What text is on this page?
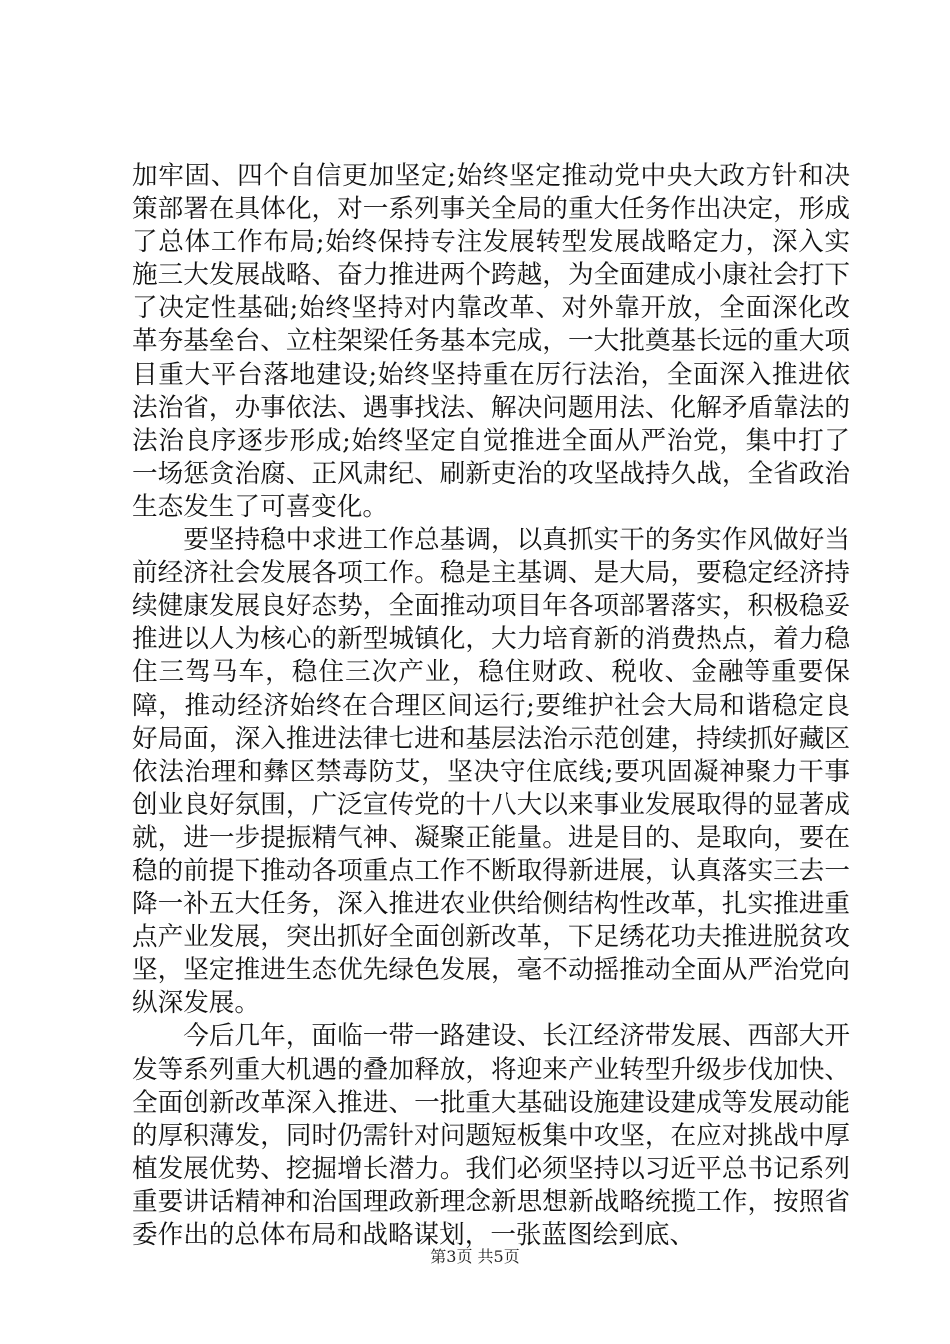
加牢固、四个自信更加坚定;始终坚定推动党中央大政方针和决策部署在具体化，对一系列事关全局的重大任务作出决定，形成了总体工作布局;始终保持专注发展转型发展战略定力，深入实施三大发展战略、奋力推进两个跨越，为全面建成小康社会打下了决定性基础;始终坚持对内靠改革、对外靠开放，全面深化改革夯基垒台、立柱架梁任务基本完成，一大批奠基长远的重大项目重大平台落地建设;始终坚持重在厉行法治，全面深入推进依法治省，办事依法、遇事找法、解决问题用法、化解矛盾靠法的法治良序逐步形成;始终坚定自觉推进全面从严治党，集中打了一场惩贪治腐、正风肃纪、刷新吏治的攻坚战持久战，全省政治生态发生了可喜变化。

要坚持稳中求进工作总基调，以真抓实干的务实作风做好当前经济社会发展各项工作。稳是主基调、是大局，要稳定经济持续健康发展良好态势，全面推动项目年各项部署落实，积极稳妥推进以人为核心的新型城镇化，大力培育新的消费热点，着力稳住三驾马车，稳住三次产业，稳住财政、税收、金融等重要保障，推动经济始终在合理区间运行;要维护社会大局和谐稳定良好局面，深入推进法律七进和基层法治示范创建，持续抓好藏区依法治理和彝区禁毒防艾，坚决守住底线;要巩固凝神聚力干事创业良好氛围，广泛宣传党的十八大以来事业发展取得的显著成就，进一步提振精气神、凝聚正能量。进是目的、是取向，要在稳的前提下推动各项重点工作不断取得新进展，认真落实三去一降一补五大任务，深入推进农业供给侧结构性改革，扎实推进重点产业发展，突出抓好全面创新改革，下足绣花功夫推进脱贫攻坚，坚定推进生态优先绿色发展，毫不动摇推动全面从严治党向纵深发展。

今后几年，面临一带一路建设、长江经济带发展、西部大开发等系列重大机遇的叠加释放，将迎来产业转型升级步伐加快、全面创新改革深入推进、一批重大基础设施建设建成等发展动能的厚积薄发，同时仍需针对问题短板集中攻坚，在应对挑战中厚植发展优势、挖掘增长潜力。我们必须坚持以习近平总书记系列重要讲话精神和治国理政新理念新思想新战略统揽工作，按照省委作出的总体布局和战略谋划，一张蓝图绘到底、

第3页 共5页
